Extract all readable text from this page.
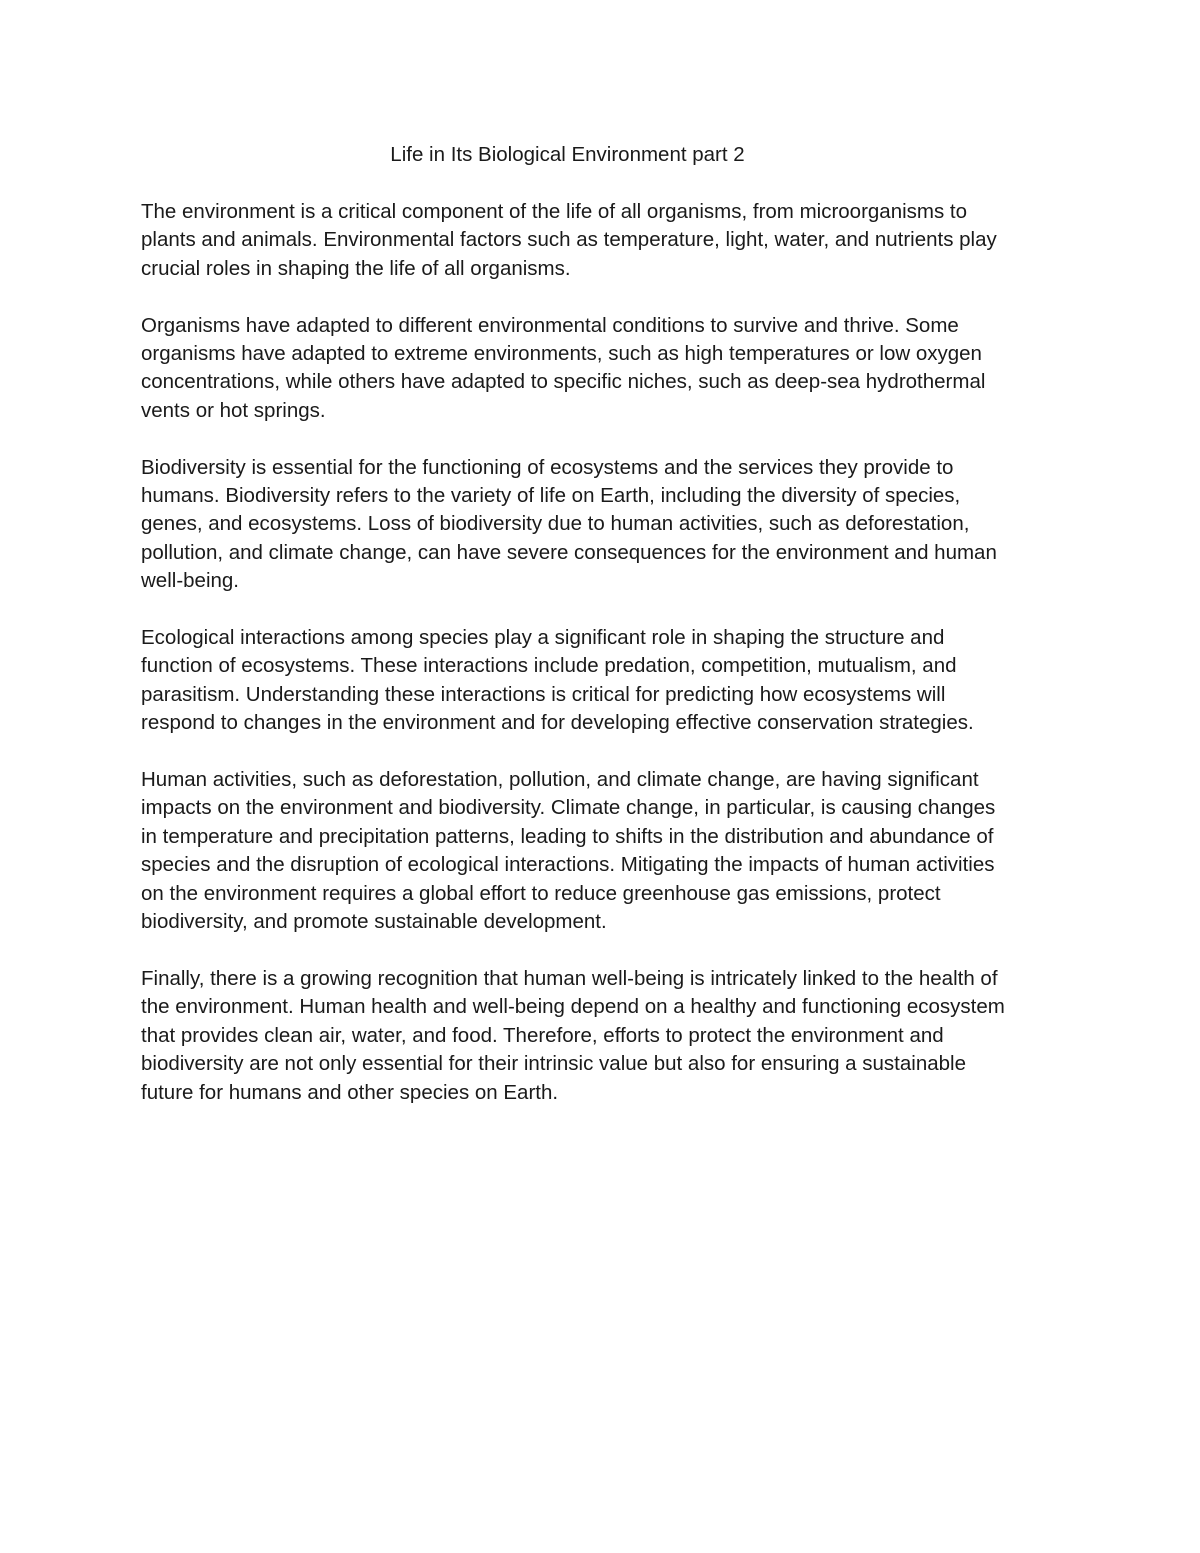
Life in Its Biological Environment part 2

The environment is a critical component of the life of all organisms, from microorganisms to
plants and animals. Environmental factors such as temperature, light, water, and nutrients play
crucial roles in shaping the life of all organisms.

Organisms have adapted to different environmental conditions to survive and thrive. Some
organisms have adapted to extreme environments, such as high temperatures or low oxygen
concentrations, while others have adapted to specific niches, such as deep-sea hydrothermal
vents or hot springs.

Biodiversity is essential for the functioning of ecosystems and the services they provide to
humans. Biodiversity refers to the variety of life on Earth, including the diversity of species,
genes, and ecosystems. Loss of biodiversity due to human activities, such as deforestation,
pollution, and climate change, can have severe consequences for the environment and human
well-being.

Ecological interactions among species play a significant role in shaping the structure and
function of ecosystems. These interactions include predation, competition, mutualism, and
parasitism. Understanding these interactions is critical for predicting how ecosystems will
respond to changes in the environment and for developing effective conservation strategies.

Human activities, such as deforestation, pollution, and climate change, are having significant
impacts on the environment and biodiversity. Climate change, in particular, is causing changes
in temperature and precipitation patterns, leading to shifts in the distribution and abundance of
species and the disruption of ecological interactions. Mitigating the impacts of human activities
on the environment requires a global effort to reduce greenhouse gas emissions, protect
biodiversity, and promote sustainable development.

Finally, there is a growing recognition that human well-being is intricately linked to the health of
the environment. Human health and well-being depend on a healthy and functioning ecosystem
that provides clean air, water, and food. Therefore, efforts to protect the environment and
biodiversity are not only essential for their intrinsic value but also for ensuring a sustainable
future for humans and other species on Earth.
